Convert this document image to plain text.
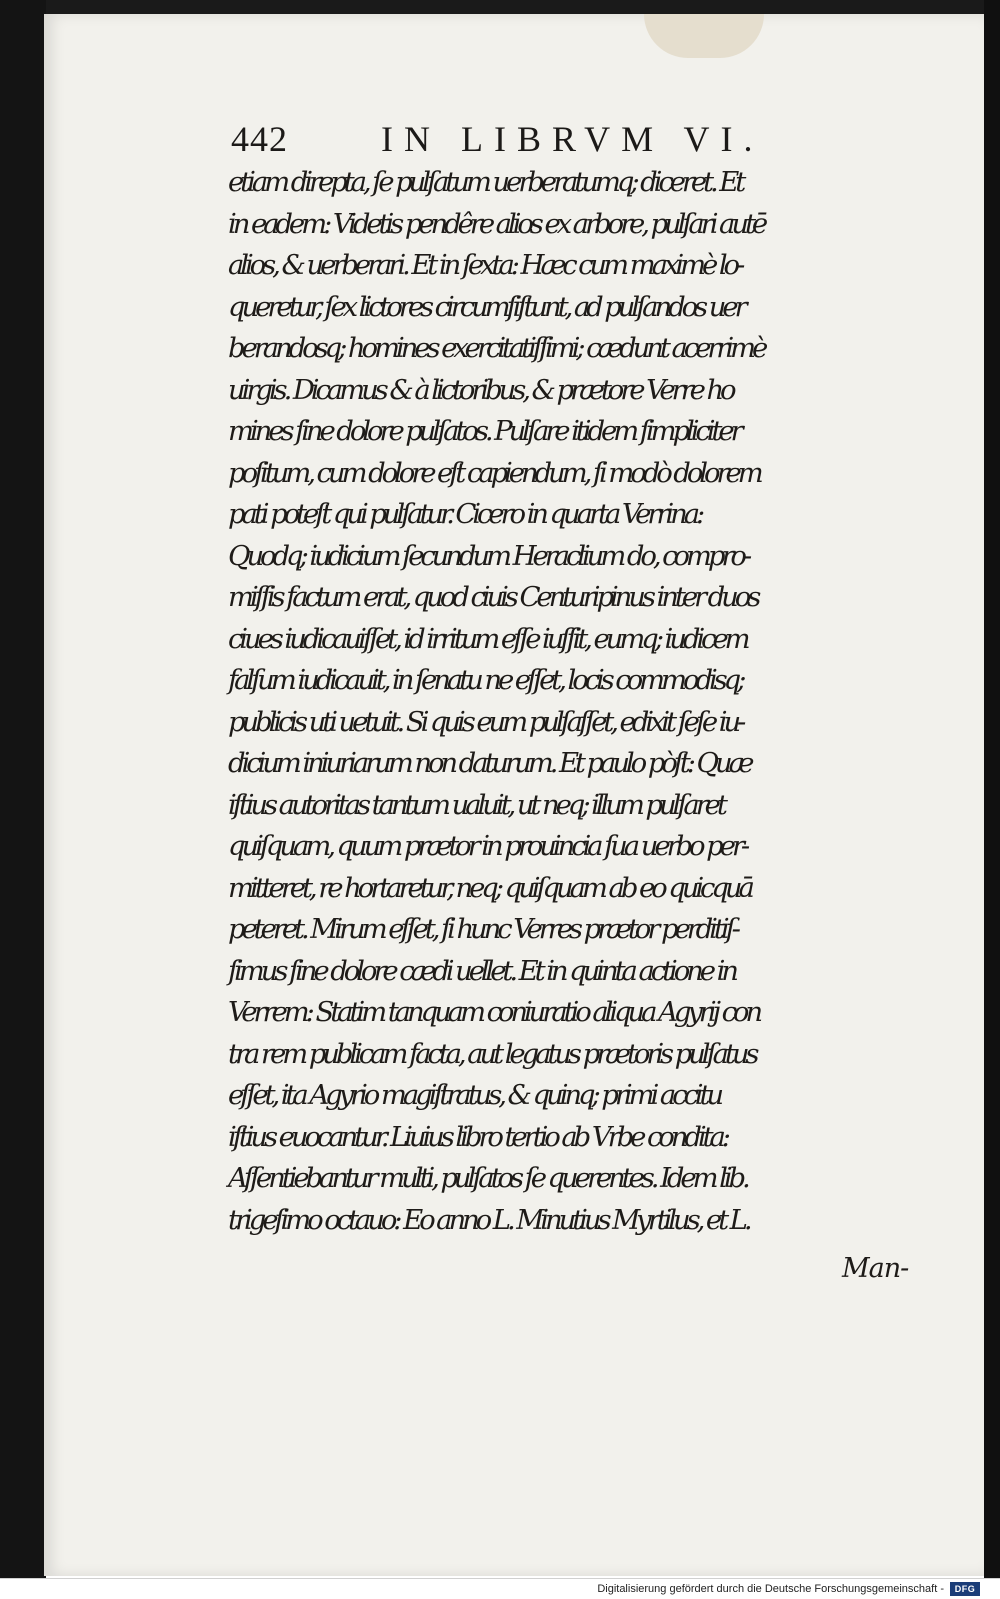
442	IN LIBRVM VI.
etiam direpta, ſe pulſatum uerberatumq; diceret. Et
in eadem: Videtis pendêre alios ex arbore, pulſari autē
alios, & uerberari. Et in ſexta: Hæc cum maximè lo-
queretur, ſex lictores circumſiſtunt, ad pulſandos uer
berandosq; homines exercitatiſſimi; cædunt acerrimè
uirgis. Dicamus & à lictoribus, & prætore Verre ho
mines ſine dolore pulſatos. Pulſare itidem ſimpliciter
poſitum, cum dolore eſt capiendum, ſi modò dolorem
pati poteſt qui pulſatur. Cicero in quarta Verrina:
Quodq; iudicium ſecundum Heraclium do, compro-
miſſis factum erat, quod ciuis Centuripinus inter duos
ciues iudicauiſſet, id irritum eſſe iuſſit, eumq; iudicem
falſum iudicauit, in ſenatu ne eſſet, locis commodisq;
publicis uti uetuit. Si quis eum pulſaſſet, edixit ſeſe iu-
dicium iniuriarum non daturum. Et paulo pòſt: Quæ
iſtius autoritas tantum ualuit, ut neq; illum pulſaret
quiſquam, quum prætor in prouincia ſua uerbo per-
mitteret, re hortaretur, neq; quiſquam ab eo quicquā
peteret. Mirum eſſet, ſi hunc Verres prætor perditiſ-
ſimus ſine dolore cædi uellet. Et in quinta actione in
Verrem: Statim tanquam coniuratio aliqua Agyrij con
tra rem publicam facta, aut legatus prætoris pulſatus
eſſet, ita Agyrio magiſtratus, & quinq; primi accitu
iſtius euocantur. Liuius libro tertio ab Vrbe condita:
Aſſentiebantur multi, pulſatos ſe querentes. Idem lib.
trigeſimo octauo: Eo anno L. Minutius Myrtilus, et L.
Man-
Digitalisierung gefördert durch die Deutsche Forschungsgemeinschaft -	DFG
